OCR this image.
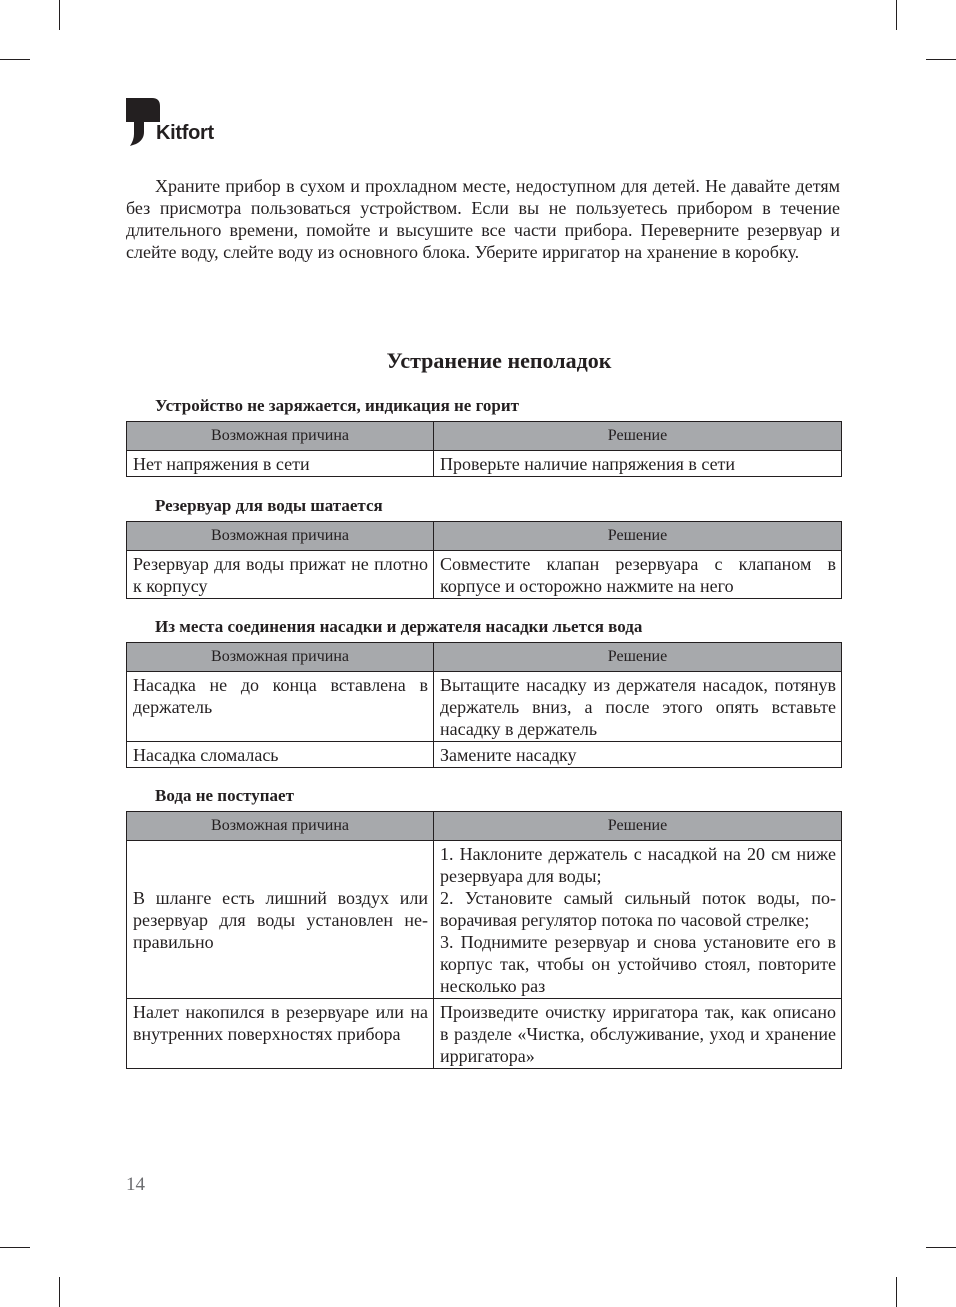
Kitfort

Храните прибор в сухом и прохладном месте, недоступном для детей. Не давайте детям без присмотра пользоваться устройством. Если вы не пользуетесь прибором в течение длительного времени, помойте и высушите все части прибора. Переверните резервуар и слейте воду, слейте воду из основного блока. Уберите ирригатор на хранение в коробку.

Устранение неполадок
Устройство не заряжается, индикация не горит
Возможная причина	Решение
Нет напряжения в сети	Проверьте наличие напряжения в сети
Резервуар для воды шатается
Возможная причина	Решение
Резервуар для воды прижат не плотно к корпусу	Совместите клапан резервуара с клапаном в корпусе и осторожно нажмите на него
Из места соединения насадки и держателя насадки льется вода
Возможная причина	Решение
Насадка не до конца вставлена в держатель	Вытащите насадку из держателя насадок, потянув держатель вниз, а после этого опять вставьте насадку в держатель
Насадка сломалась	Замените насадку
Вода не поступает
Возможная причина	Решение
В шланге есть лишний воздух или резервуар для воды установлен неправильно	1. Наклоните держатель с насадкой на 20 см ниже резервуара для воды;
2. Установите самый сильный поток воды, поворачивая регулятор потока по часовой стрелке;
3. Поднимите резервуар и снова установите его в корпус так, чтобы он устойчиво стоял, повторите несколько раз

Налет накопился в резервуаре или на внутренних поверхностях прибора	Произведите очистку ирригатора так, как описано в разделе «Чистка, обслуживание, уход и хранение ирригатора»
14
